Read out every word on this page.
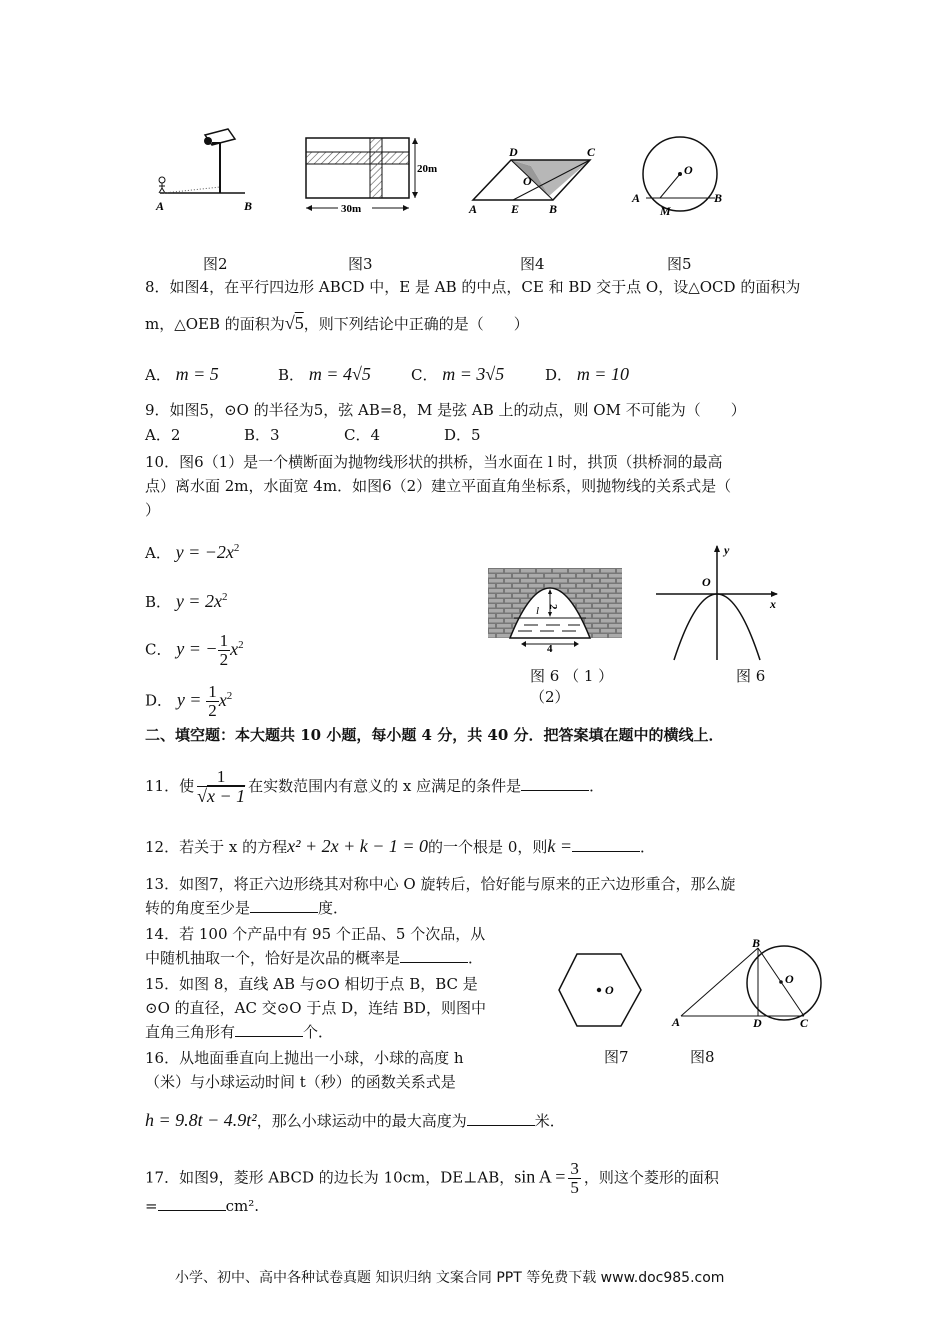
A	B
20m
30m
D	C
O
A	E B
O
A
M
B
图2	图3	图4	图5
8．如图4，在平行四边形 ABCD 中，E 是 AB 的中点，CE 和 BD 交于点 O，设△OCD 的面积为
m，△OEB 的面积为√5，则下列结论中正确的是（　　）
A． m = 5	B． m = 4√5	C． m = 3√5	D． m = 10
9．如图5，⊙O 的半径为5，弦 AB=8，M 是弦 AB 上的动点，则 OM 不可能为（　　）
A．2	B．3	C．4	D．5
10．图6（1）是一个横断面为抛物线形状的拱桥，当水面在 l 时，拱顶（拱桥洞的最高
点）离水面 2m，水面宽 4m．如图6（2）建立平面直角坐标系，则抛物线的关系式是（
）
A． $y = -2x^2$
B． $y = 2x^2$
C． y = − $\frac{1}{2} x^2$
D． $y = \frac{1}{2} x^2$
2
l
4
O
y
x
图 6 （ 1 ）
（2）
图 6
二、填空题：本大题共 10 小题，每小题 4 分，共 40 分．把答案填在题中的横线上．
11．使 $\frac{1}{√x - 1}$ 在实数范围内有意义的 x 应满足的条件是	．
12．若关于 x 的方程x² + 2x + k − 1 = 0的一个根是 0，则k =	．
13．如图7，将正六边形绕其对称中心 O 旋转后，恰好能与原来的正六边形重合，那么旋
转的角度至少是	度．
14．若 100 个产品中有 95 个正品、5 个次品，从
中随机抽取一个，恰好是次品的概率是	．
15．如图 8，直线 AB 与⊙O 相切于点 B，BC 是
⊙O 的直径，AC 交⊙O 于点 D，连结 BD，则图中
直角三角形有	个．
16．从地面垂直向上抛出一小球，小球的高度 h
（米）与小球运动时间 t（秒）的函数关系式是
h = 9.8t − 4.9t²，那么小球运动中的最大高度为	米．
O
B
O
A	D	C
图7	图8
17．如图9，菱形 ABCD 的边长为 10cm，DE⊥AB，$\sin A = \frac{3}{5}$ ，则这个菱形的面积
=	cm².
小学、初中、高中各种试卷真题 知识归纳 文案合同 PPT 等免费下载 www.doc985.com
